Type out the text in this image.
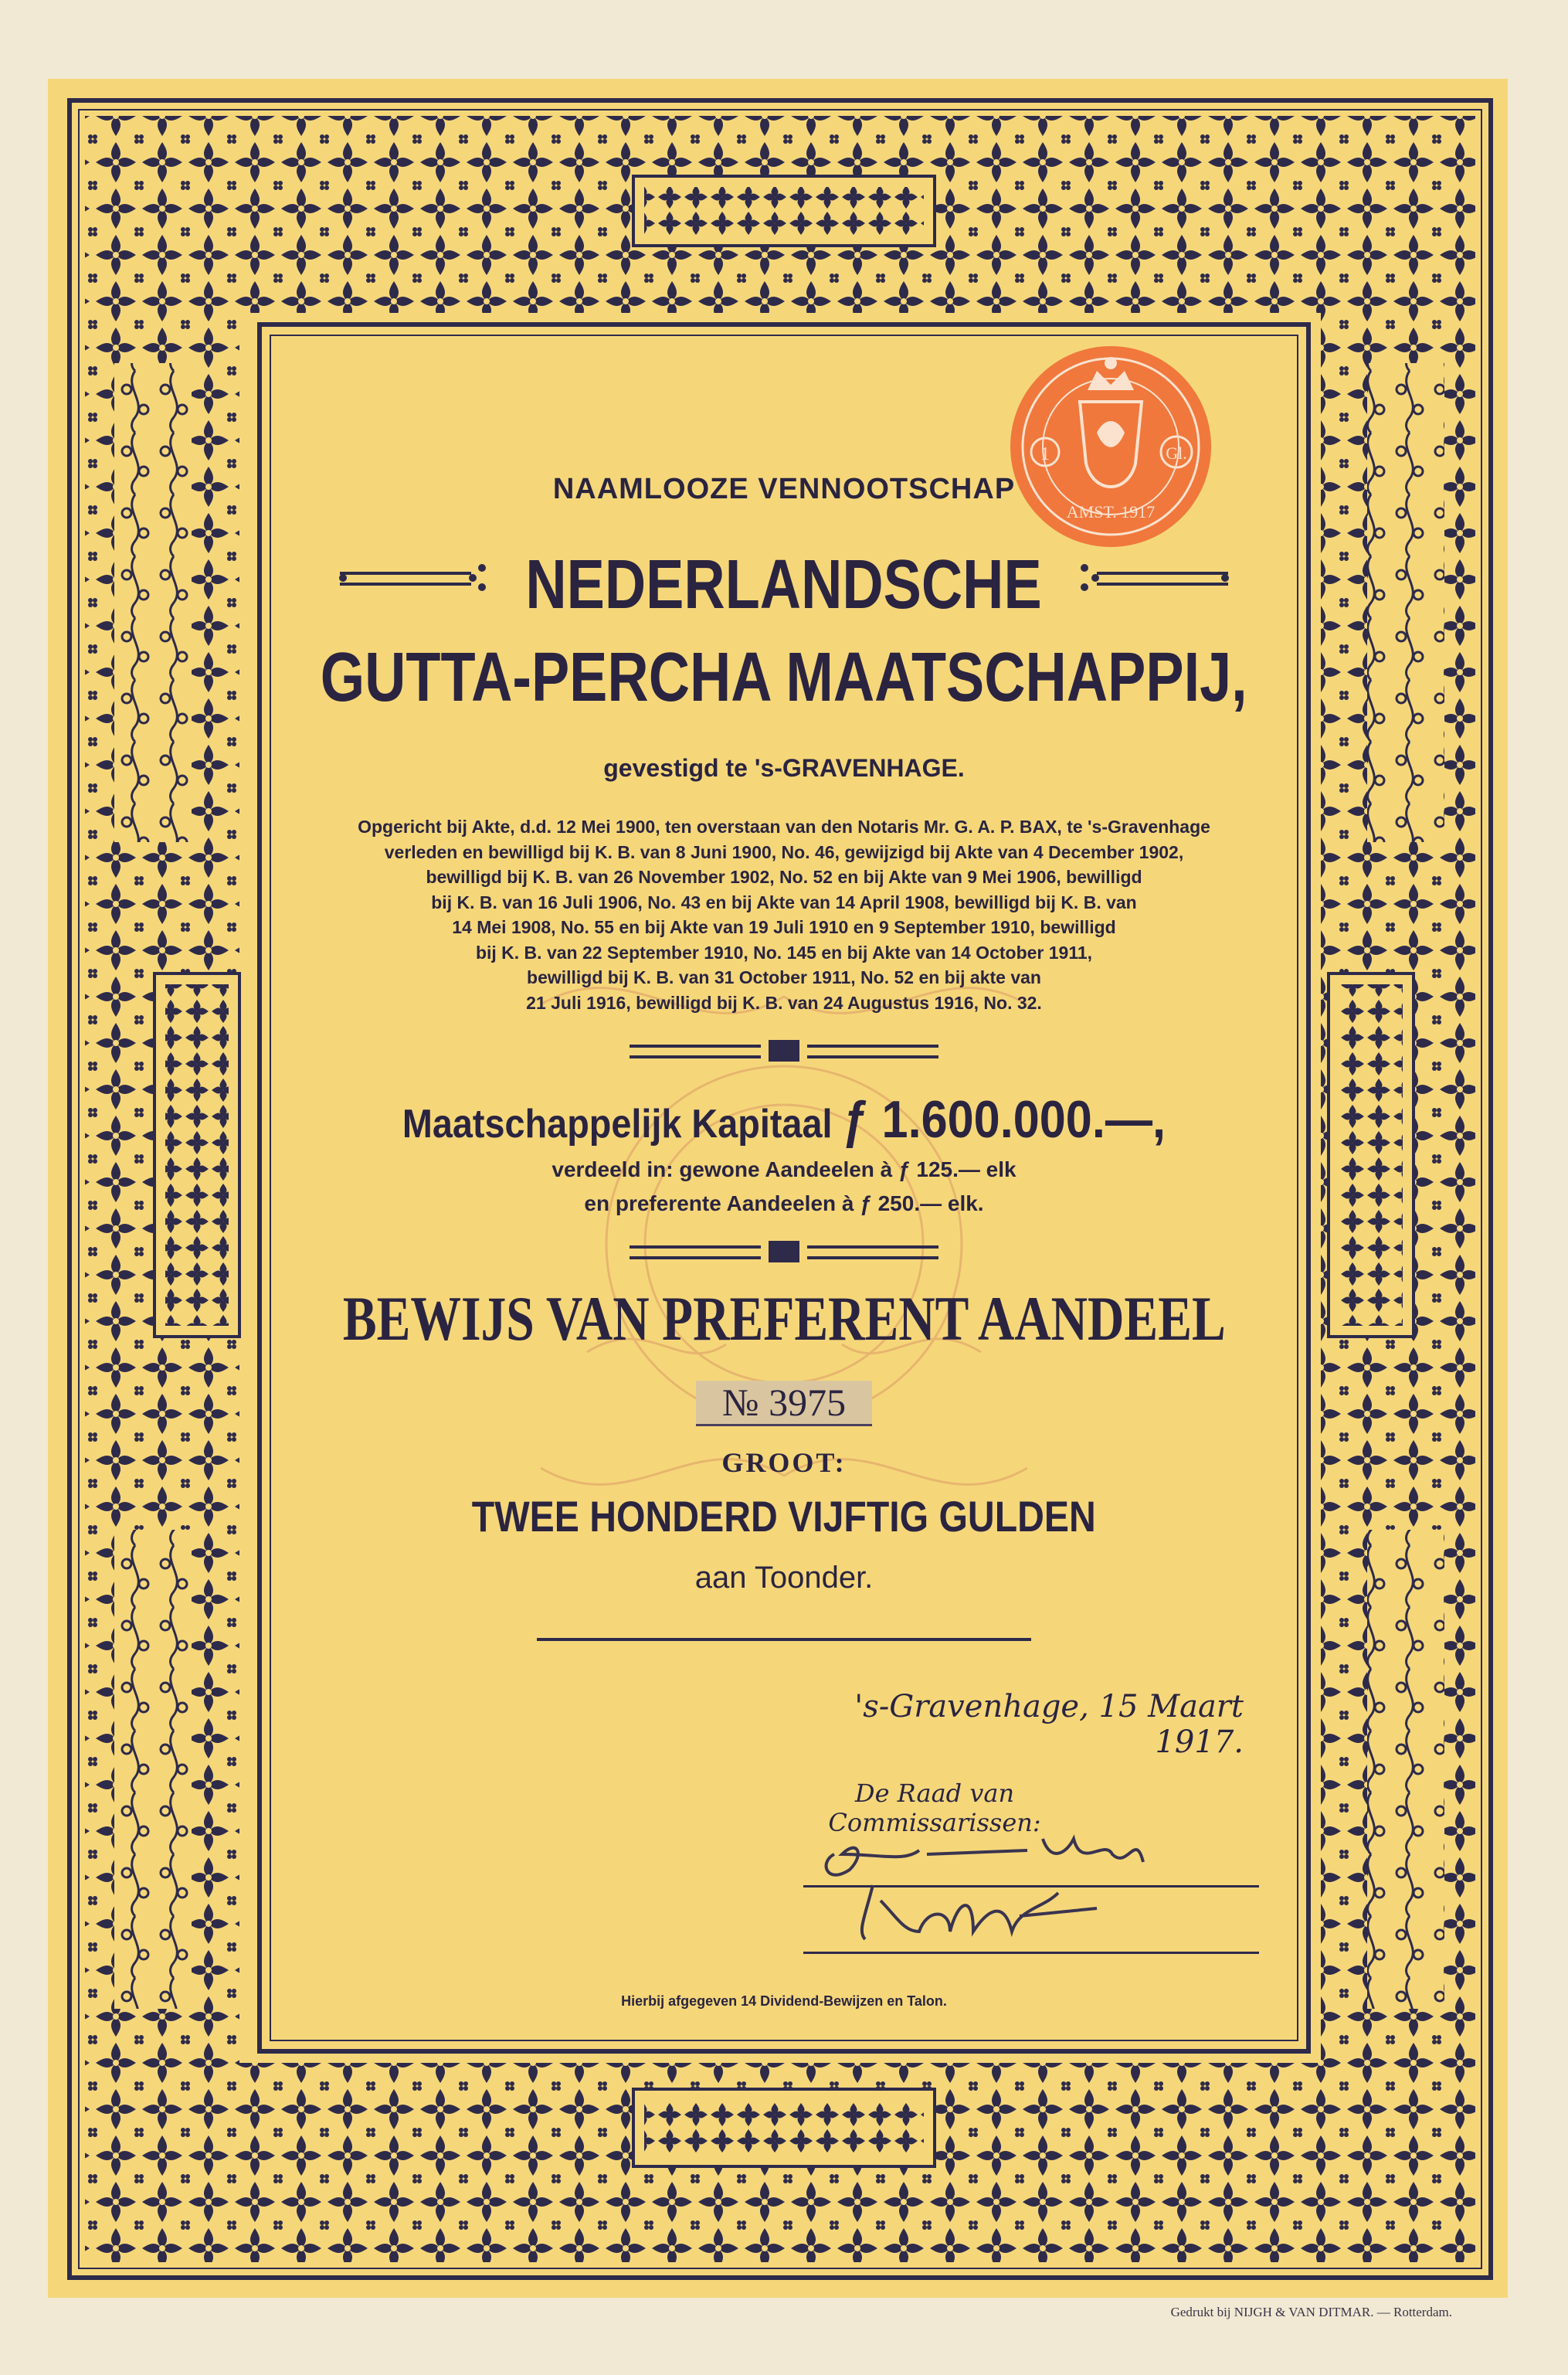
1	Gl.
AMST. 1917

NAAMLOOZE VENNOOTSCHAP

NEDERLANDSCHE

GUTTA-PERCHA MAATSCHAPPIJ,

gevestigd te 's-GRAVENHAGE.

Opgericht bij Akte, d.d. 12 Mei 1900, ten overstaan van den Notaris Mr. G. A. P. BAX, te 's-Gravenhage
verleden en bewilligd bij K. B. van 8 Juni 1900, No. 46, gewijzigd bij Akte van 4 December 1902,
bewilligd bij K. B. van 26 November 1902, No. 52 en bij Akte van 9 Mei 1906, bewilligd
bij K. B. van 16 Juli 1906, No. 43 en bij Akte van 14 April 1908, bewilligd bij K. B. van
14 Mei 1908, No. 55 en bij Akte van 19 Juli 1910 en 9 September 1910, bewilligd
bij K. B. van 22 September 1910, No. 145 en bij Akte van 14 October 1911,
bewilligd bij K. B. van 31 October 1911, No. 52 en bij akte van
21 Juli 1916, bewilligd bij K. B. van 24 Augustus 1916, No. 32.

Maatschappelijk Kapitaal ƒ 1.600.000.—,

verdeeld in: gewone Aandeelen à ƒ 125.— elk
en preferente Aandeelen à ƒ 250.— elk.

BEWIJS VAN PREFERENT AANDEEL

№ 3975

GROOT:

TWEE HONDERD VIJFTIG GULDEN

aan Toonder.

's-Gravenhage, 15 Maart 1917.
De Raad van Commissarissen:

Hierbij afgegeven 14 Dividend-Bewijzen en Talon.

Gedrukt bij NIJGH & VAN DITMAR. — Rotterdam.
